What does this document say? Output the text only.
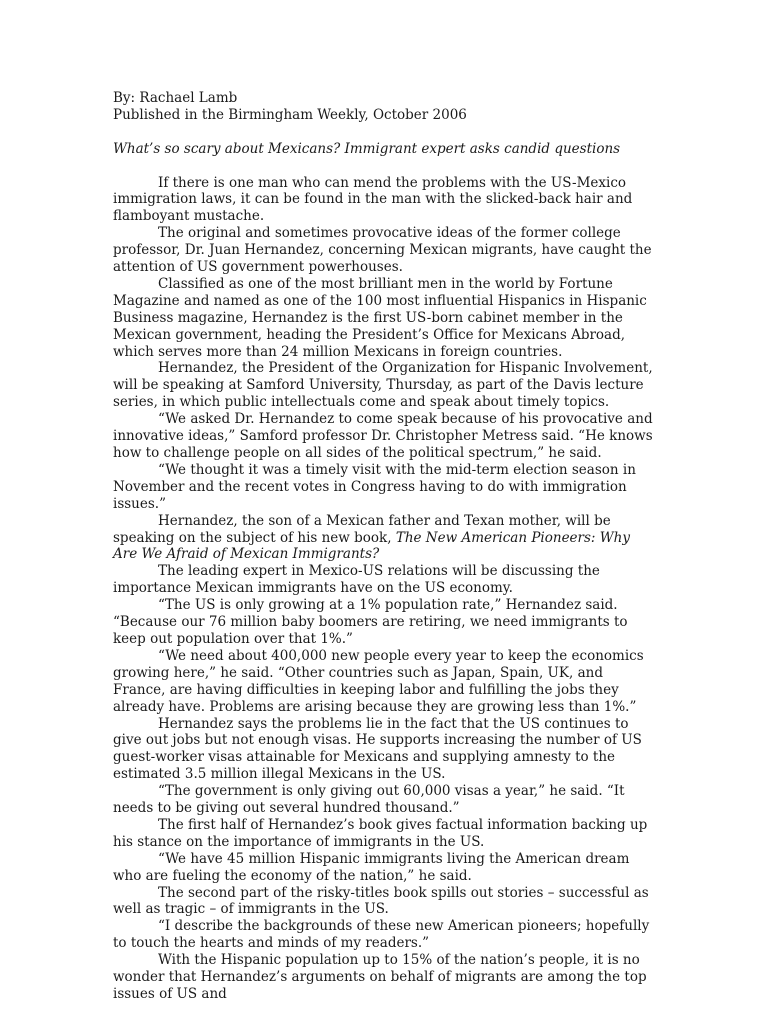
By: Rachael Lamb

Published in the Birmingham Weekly, October 2006

What’s so scary about Mexicans? Immigrant expert asks candid questions

If there is one man who can mend the problems with the US-Mexico immigration laws, it can be found in the man with the slicked-back hair and flamboyant mustache.

The original and sometimes provocative ideas of the former college professor, Dr. Juan Hernandez, concerning Mexican migrants, have caught the attention of US government powerhouses.

Classified as one of the most brilliant men in the world by Fortune Magazine and named as one of the 100 most influential Hispanics in Hispanic Business magazine, Hernandez is the first US-born cabinet member in the Mexican government, heading the President’s Office for Mexicans Abroad, which serves more than 24 million Mexicans in foreign countries.

Hernandez, the President of the Organization for Hispanic Involvement, will be speaking at Samford University, Thursday, as part of the Davis lecture series, in which public intellectuals come and speak about timely topics.

“We asked Dr. Hernandez to come speak because of his provocative and innovative ideas,” Samford professor Dr. Christopher Metress said. “He knows how to challenge people on all sides of the political spectrum,” he said.

“We thought it was a timely visit with the mid-term election season in November and the recent votes in Congress having to do with immigration issues.”

Hernandez, the son of a Mexican father and Texan mother, will be speaking on the subject of his new book, The New American Pioneers: Why Are We Afraid of Mexican Immigrants?

The leading expert in Mexico-US relations will be discussing the importance Mexican immigrants have on the US economy.

“The US is only growing at a 1% population rate,” Hernandez said. “Because our 76 million baby boomers are retiring, we need immigrants to keep out population over that 1%.”

“We need about 400,000 new people every year to keep the economics growing here,” he said. “Other countries such as Japan, Spain, UK, and France, are having difficulties in keeping labor and fulfilling the jobs they already have. Problems are arising because they are growing less than 1%.”

Hernandez says the problems lie in the fact that the US continues to give out jobs but not enough visas. He supports increasing the number of US guest-worker visas attainable for Mexicans and supplying amnesty to the estimated 3.5 million illegal Mexicans in the US.

“The government is only giving out 60,000 visas a year,” he said. “It needs to be giving out several hundred thousand.”

The first half of Hernandez’s book gives factual information backing up his stance on the importance of immigrants in the US.

“We have 45 million Hispanic immigrants living the American dream who are fueling the economy of the nation,” he said.

The second part of the risky-titles book spills out stories – successful as well as tragic – of immigrants in the US.

“I describe the backgrounds of these new American pioneers; hopefully to touch the hearts and minds of my readers.”

With the Hispanic population up to 15% of the nation’s people, it is no wonder that Hernandez’s arguments on behalf of migrants are among the top issues of US and
